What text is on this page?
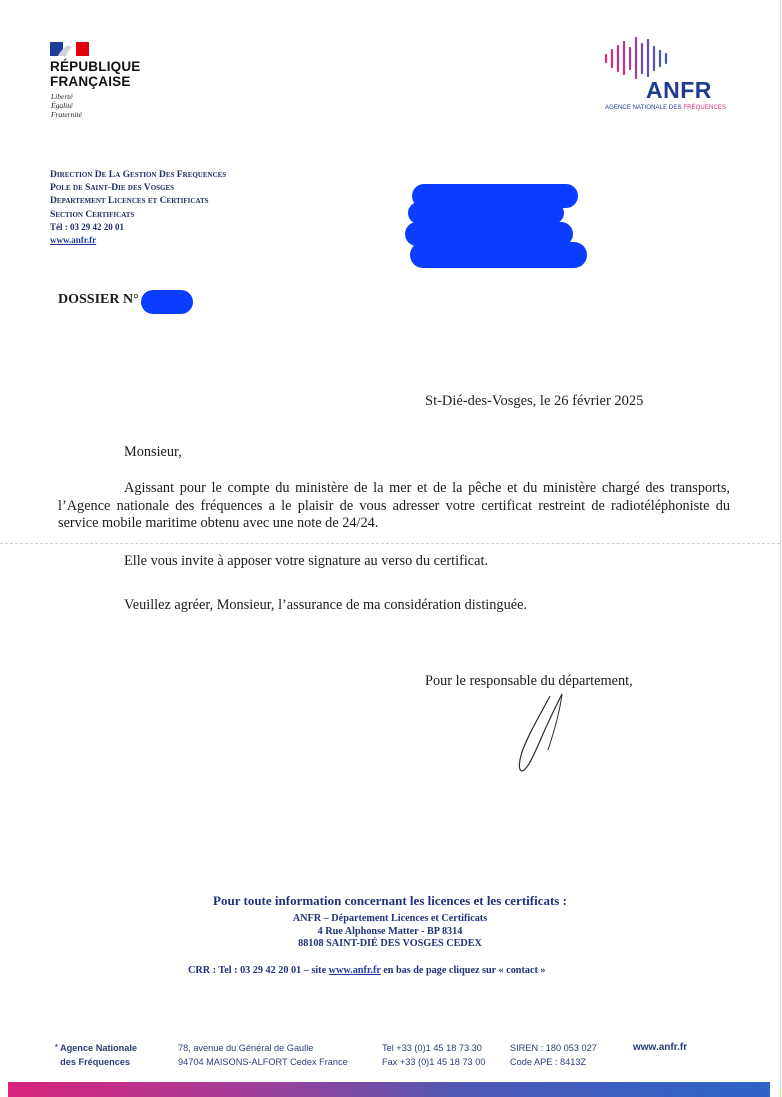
RÉPUBLIQUE
FRANÇAISE
Liberté
Égalité
Fraternité
ANFR
AGENCE NATIONALE DES FRÉQUENCES
Direction De La Gestion Des Frequences
Pole de Saint-Die des Vosges
Departement Licences et Certificats
Section Certificats
Tél : 03 29 42 20 01
www.anfr.fr
DOSSIER N°
St-Dié-des-Vosges, le 26 février 2025
Monsieur,
Agissant pour le compte du ministère de la mer et de la pêche et du ministère chargé des transports, l’Agence nationale des fréquences a le plaisir de vous adresser votre certificat restreint de radiotéléphoniste du service mobile maritime obtenu avec une note de 24/24.
Elle vous invite à apposer votre signature au verso du certificat.
Veuillez agréer, Monsieur, l’assurance de ma considération distinguée.
Pour le responsable du département,
Pour toute information concernant les licences et les certificats :
ANFR – Département Licences et Certificats
4 Rue Alphonse Matter - BP 8314
88108 SAINT-DIÉ DES VOSGES CEDEX
CRR : Tel : 03 29 42 20 01 – site www.anfr.fr en bas de page cliquez sur « contact »
* Agence Nationale
des Fréquences
78, avenue du Général de Gaulle
94704 MAISONS-ALFORT Cedex France
Tel +33 (0)1 45 18 73 30
Fax +33 (0)1 45 18 73 00
SIREN : 180 053 027
Code APE : 8413Z
www.anfr.fr
